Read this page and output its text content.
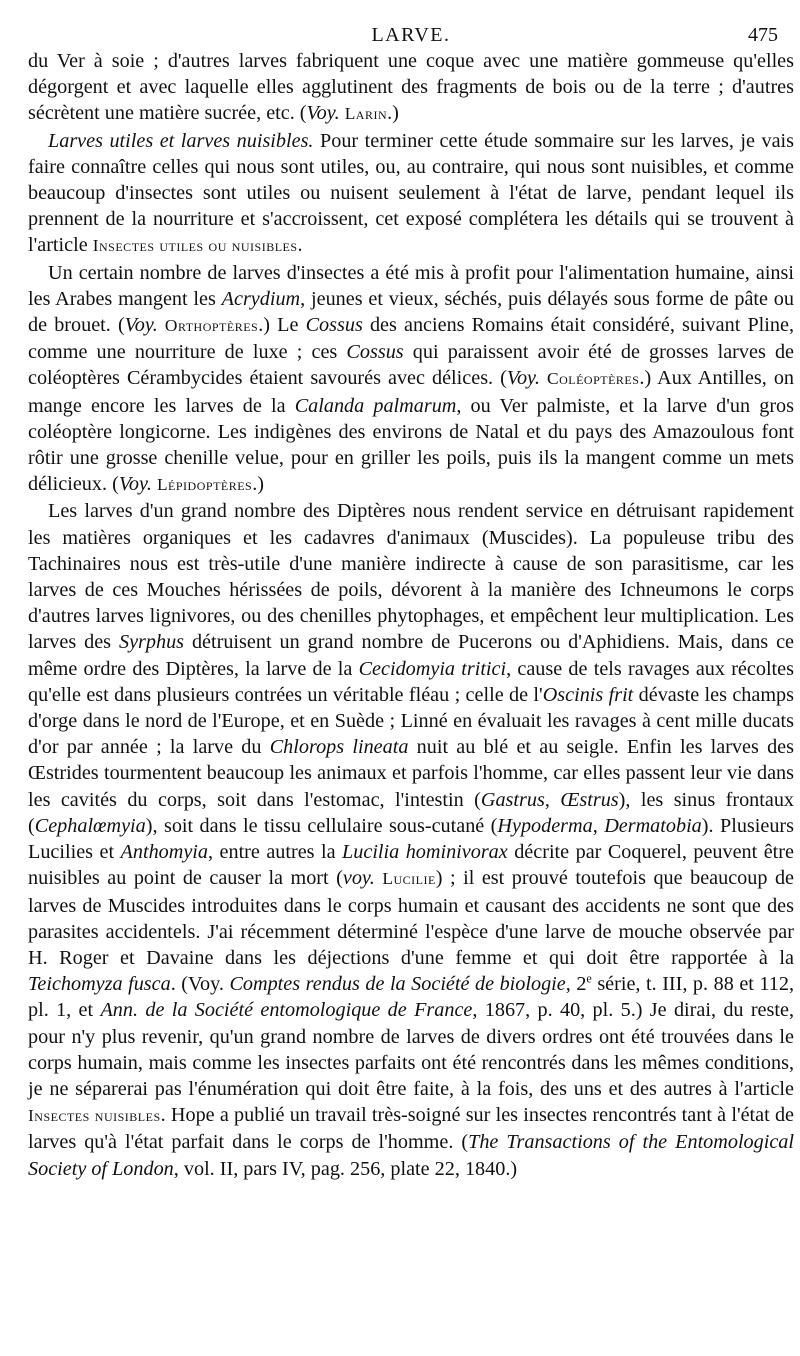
LARVE.	475

du Ver à soie ; d'autres larves fabriquent une coque avec une matière gommeuse qu'elles dégorgent et avec laquelle elles agglutinent des fragments de bois ou de la terre ; d'autres sécrètent une matière sucrée, etc. (Voy. Larin.)

Larves utiles et larves nuisibles. Pour terminer cette étude sommaire sur les larves, je vais faire connaître celles qui nous sont utiles, ou, au contraire, qui nous sont nuisibles, et comme beaucoup d'insectes sont utiles ou nuisent seulement à l'état de larve, pendant lequel ils prennent de la nourriture et s'accroissent, cet exposé complétera les détails qui se trouvent à l'article Insectes utiles ou nuisibles.

Un certain nombre de larves d'insectes a été mis à profit pour l'alimentation humaine, ainsi les Arabes mangent les Acrydium, jeunes et vieux, séchés, puis délayés sous forme de pâte ou de brouet. (Voy. Orthoptères.) Le Cossus des anciens Romains était considéré, suivant Pline, comme une nourriture de luxe ; ces Cossus qui paraissent avoir été de grosses larves de coléoptères Cérambycides étaient savourés avec délices. (Voy. Coléoptères.) Aux Antilles, on mange encore les larves de la Calanda palmarum, ou Ver palmiste, et la larve d'un gros coléoptère longicorne. Les indigènes des environs de Natal et du pays des Amazoulous font rôtir une grosse chenille velue, pour en griller les poils, puis ils la mangent comme un mets délicieux. (Voy. Lépidoptères.)

Les larves d'un grand nombre des Diptères nous rendent service en détruisant rapidement les matières organiques et les cadavres d'animaux (Muscides). La populeuse tribu des Tachinaires nous est très-utile d'une manière indirecte à cause de son parasitisme, car les larves de ces Mouches hérissées de poils, dévorent à la manière des Ichneumons le corps d'autres larves lignivores, ou des chenilles phytophages, et empêchent leur multiplication. Les larves des Syrphus détruisent un grand nombre de Pucerons ou d'Aphidiens. Mais, dans ce même ordre des Diptères, la larve de la Cecidomyia tritici, cause de tels ravages aux récoltes qu'elle est dans plusieurs contrées un véritable fléau ; celle de l'Oscinis frit dévaste les champs d'orge dans le nord de l'Europe, et en Suède ; Linné en évaluait les ravages à cent mille ducats d'or par année ; la larve du Chlorops lineata nuit au blé et au seigle. Enfin les larves des Œstrides tourmentent beaucoup les animaux et parfois l'homme, car elles passent leur vie dans les cavités du corps, soit dans l'estomac, l'intestin (Gastrus, Œstrus), les sinus frontaux (Cephalœmyia), soit dans le tissu cellulaire sous-cutané (Hypoderma, Dermatobia). Plusieurs Lucilies et Anthomyia, entre autres la Lucilia hominivorax décrite par Coquerel, peuvent être nuisibles au point de causer la mort (voy. Lucilie) ; il est prouvé toutefois que beaucoup de larves de Muscides introduites dans le corps humain et causant des accidents ne sont que des parasites accidentels. J'ai récemment déterminé l'espèce d'une larve de mouche observée par H. Roger et Davaine dans les déjections d'une femme et qui doit être rapportée à la Teichomyza fusca. (Voy. Comptes rendus de la Société de biologie, 2e série, t. III, p. 88 et 112, pl. 1, et Ann. de la Société entomologique de France, 1867, p. 40, pl. 5.) Je dirai, du reste, pour n'y plus revenir, qu'un grand nombre de larves de divers ordres ont été trouvées dans le corps humain, mais comme les insectes parfaits ont été rencontrés dans les mêmes conditions, je ne séparerai pas l'énumération qui doit être faite, à la fois, des uns et des autres à l'article Insectes nuisibles. Hope a publié un travail très-soigné sur les insectes rencontrés tant à l'état de larves qu'à l'état parfait dans le corps de l'homme. (The Transactions of the Entomological Society of London, vol. II, pars IV, pag. 256, plate 22, 1840.)
